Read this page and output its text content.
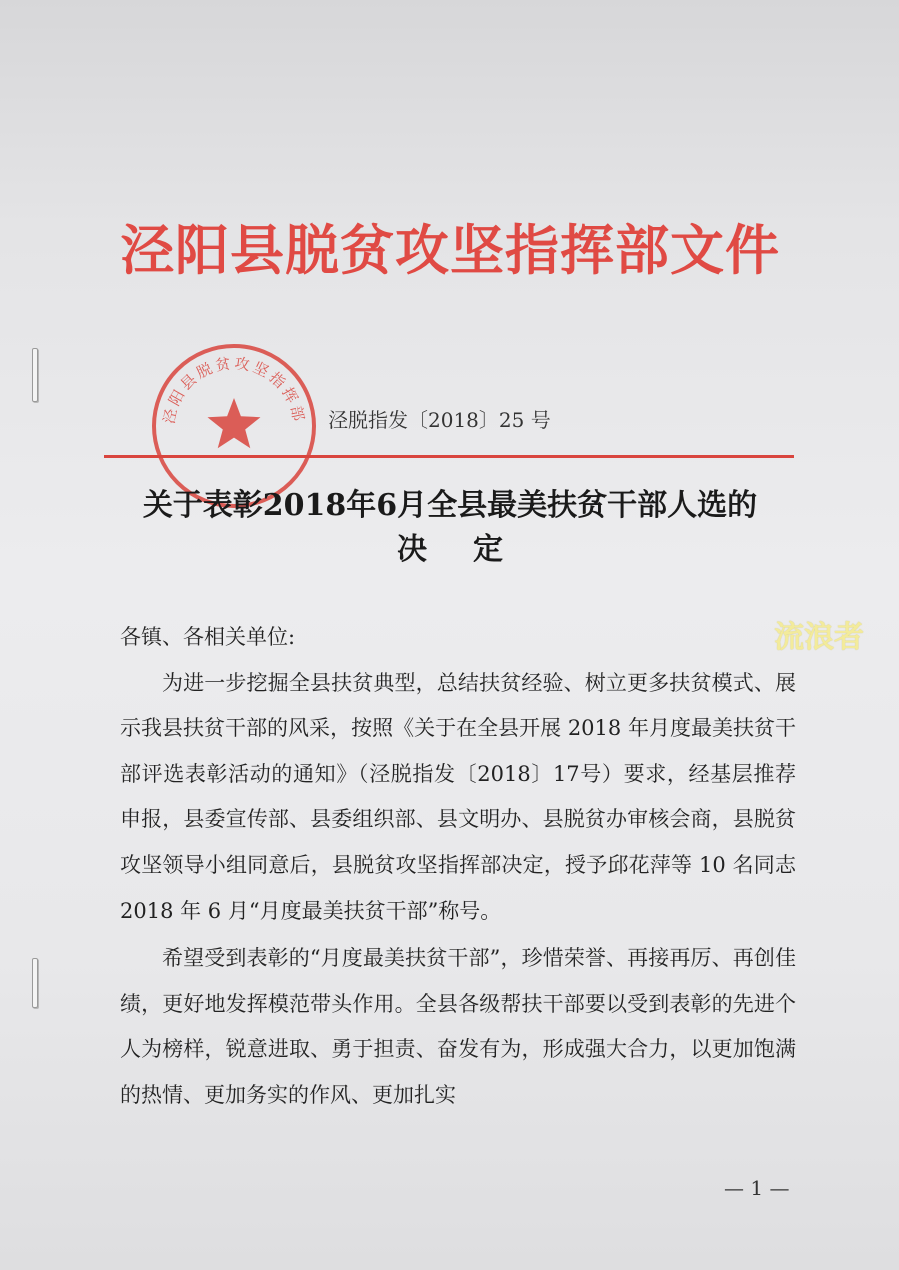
泾阳县脱贫攻坚指挥部文件
泾阳县脱贫攻坚指挥部 泾脱指发〔2018〕25 号
关于表彰2018年6月全县最美扶贫干部人选的
决定

各镇、各相关单位:

为进一步挖掘全县扶贫典型，总结扶贫经验、树立更多扶贫模式、展示我县扶贫干部的风采，按照《关于在全县开展 2018 年月度最美扶贫干部评选表彰活动的通知》（泾脱指发〔2018〕17号）要求，经基层推荐申报，县委宣传部、县委组织部、县文明办、县脱贫办审核会商，县脱贫攻坚领导小组同意后，县脱贫攻坚指挥部决定，授予邱花萍等 10 名同志 2018 年 6 月“月度最美扶贫干部”称号。

希望受到表彰的“月度最美扶贫干部”，珍惜荣誉、再接再厉、再创佳绩，更好地发挥模范带头作用。全县各级帮扶干部要以受到表彰的先进个人为榜样，锐意进取、勇于担责、奋发有为，形成强大合力，以更加饱满的热情、更加务实的作风、更加扎实

— 1 —
流浪者
